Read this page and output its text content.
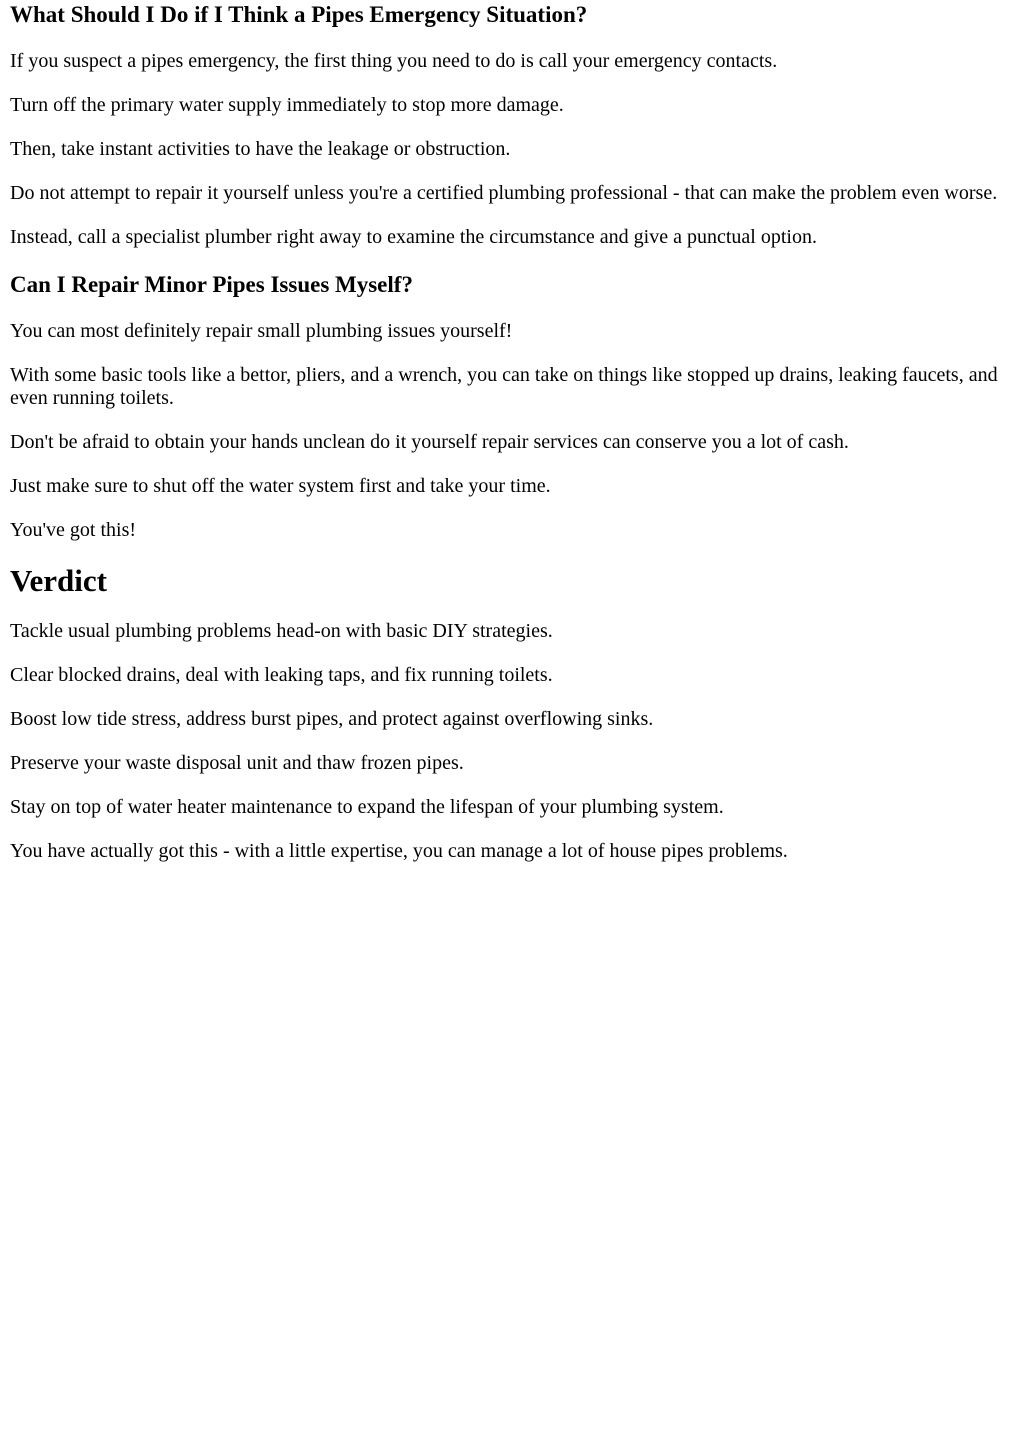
What Should I Do if I Think a Pipes Emergency Situation?

If you suspect a pipes emergency, the first thing you need to do is call your emergency contacts.

Turn off the primary water supply immediately to stop more damage.

Then, take instant activities to have the leakage or obstruction.

Do not attempt to repair it yourself unless you're a certified plumbing professional - that can make the problem even worse.

Instead, call a specialist plumber right away to examine the circumstance and give a punctual option.

Can I Repair Minor Pipes Issues Myself?

You can most definitely repair small plumbing issues yourself!

With some basic tools like a bettor, pliers, and a wrench, you can take on things like stopped up drains, leaking faucets, and even running toilets.

Don't be afraid to obtain your hands unclean do it yourself repair services can conserve you a lot of cash.

Just make sure to shut off the water system first and take your time.

You've got this!

Verdict

Tackle usual plumbing problems head-on with basic DIY strategies.

Clear blocked drains, deal with leaking taps, and fix running toilets.

Boost low tide stress, address burst pipes, and protect against overflowing sinks.

Preserve your waste disposal unit and thaw frozen pipes.

Stay on top of water heater maintenance to expand the lifespan of your plumbing system.

You have actually got this - with a little expertise, you can manage a lot of house pipes problems.
